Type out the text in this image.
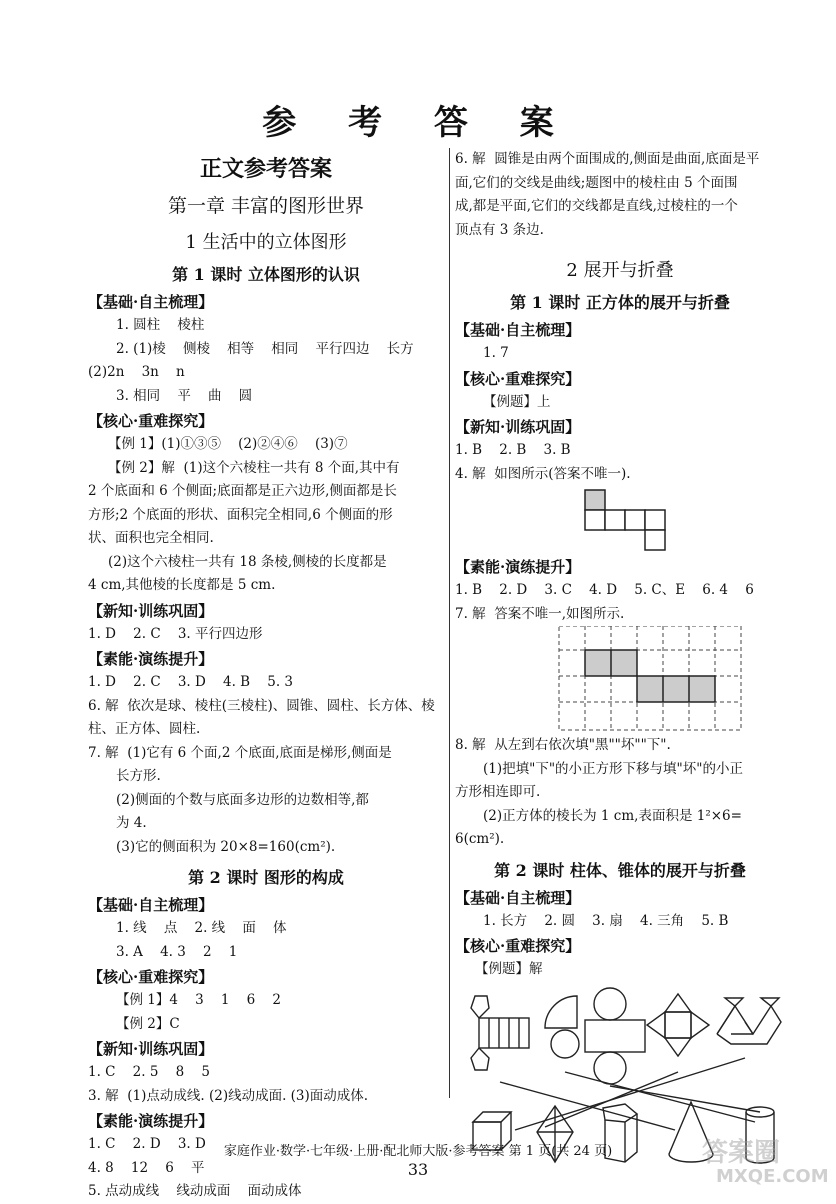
参 考 答 案
正文参考答案
第一章 丰富的图形世界
1 生活中的立体图形
第 1 课时 立体图形的认识
【基础·自主梳理】
1. 圆柱    棱柱
2. (1)棱    侧棱    相等    相同    平行四边    长方
(2)2n    3n    n
3. 相同    平    曲    圆
【核心·重难探究】
【例 1】(1)①③⑤    (2)②④⑥    (3)⑦
【例 2】解  (1)这个六棱柱一共有 8 个面,其中有
2 个底面和 6 个侧面;底面都是正六边形,侧面都是长
方形;2 个底面的形状、面积完全相同,6 个侧面的形
状、面积也完全相同.
(2)这个六棱柱一共有 18 条棱,侧棱的长度都是
4 cm,其他棱的长度都是 5 cm.
【新知·训练巩固】
1. D    2. C    3. 平行四边形
【素能·演练提升】
1. D    2. C    3. D    4. B    5. 3
6. 解  依次是球、棱柱(三棱柱)、圆锥、圆柱、长方体、棱
柱、正方体、圆柱.
7. 解  (1)它有 6 个面,2 个底面,底面是梯形,侧面是
长方形.
(2)侧面的个数与底面多边形的边数相等,都
为 4.
(3)它的侧面积为 20×8=160(cm²).
第 2 课时 图形的构成
【基础·自主梳理】
1. 线    点    2. 线    面    体
3. A    4. 3    2    1
【核心·重难探究】
【例 1】4    3    1    6    2
【例 2】C
【新知·训练巩固】
1. C    2. 5    8    5
3. 解  (1)点动成线. (2)线动成面. (3)面动成体.
【素能·演练提升】
1. C    2. D    3. D
4. 8    12    6    平
5. 点动成线    线动成面    面动成体
6. 解  圆锥是由两个面围成的,侧面是曲面,底面是平
面,它们的交线是曲线;题图中的棱柱由 5 个面围
成,都是平面,它们的交线都是直线,过棱柱的一个
顶点有 3 条边.
2 展开与折叠
第 1 课时 正方体的展开与折叠
【基础·自主梳理】
1. 7
【核心·重难探究】
【例题】上
【新知·训练巩固】
1. B    2. B    3. B
4. 解  如图所示(答案不唯一).
【素能·演练提升】
1. B    2. D    3. C    4. D    5. C、E    6. 4    6
7. 解  答案不唯一,如图所示.
8. 解  从左到右依次填"黑""坏""下".
(1)把填"下"的小正方形下移与填"坏"的小正
方形相连即可.
(2)正方体的棱长为 1 cm,表面积是 1²×6=
6(cm²).
第 2 课时 柱体、锥体的展开与折叠
【基础·自主梳理】
1. 长方    2. 圆    3. 扇    4. 三角    5. B
【核心·重难探究】
【例题】解
家庭作业·数学·七年级·上册·配北师大版·参考答案 第 1 页(共 24 页)
33
答案圈
MXQE.COM
